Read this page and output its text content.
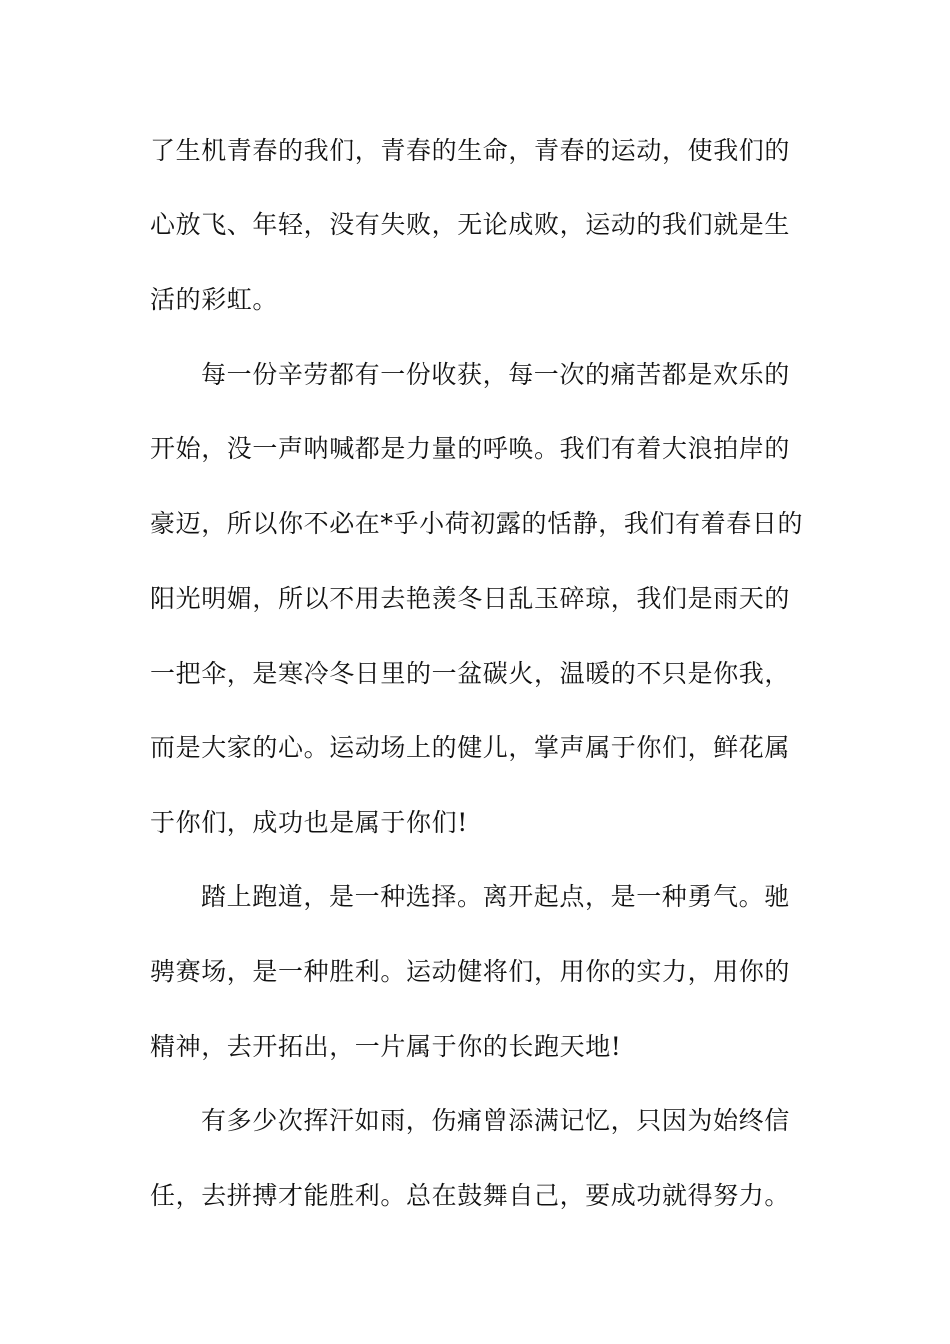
了生机青春的我们，青春的生命，青春的运动，使我们的
心放飞、年轻，没有失败，无论成败，运动的我们就是生
活的彩虹。
每一份辛劳都有一份收获，每一次的痛苦都是欢乐的
开始，没一声呐喊都是力量的呼唤。我们有着大浪拍岸的
豪迈，所以你不必在*乎小荷初露的恬静，我们有着春日的
阳光明媚，所以不用去艳羡冬日乱玉碎琼，我们是雨天的
一把伞，是寒冷冬日里的一盆碳火，温暖的不只是你我，
而是大家的心。运动场上的健儿，掌声属于你们，鲜花属
于你们，成功也是属于你们!
踏上跑道，是一种选择。离开起点，是一种勇气。驰
骋赛场，是一种胜利。运动健将们，用你的实力，用你的
精神，去开拓出，一片属于你的长跑天地!
有多少次挥汗如雨，伤痛曾添满记忆，只因为始终信
任，去拼搏才能胜利。总在鼓舞自己，要成功就得努力。
